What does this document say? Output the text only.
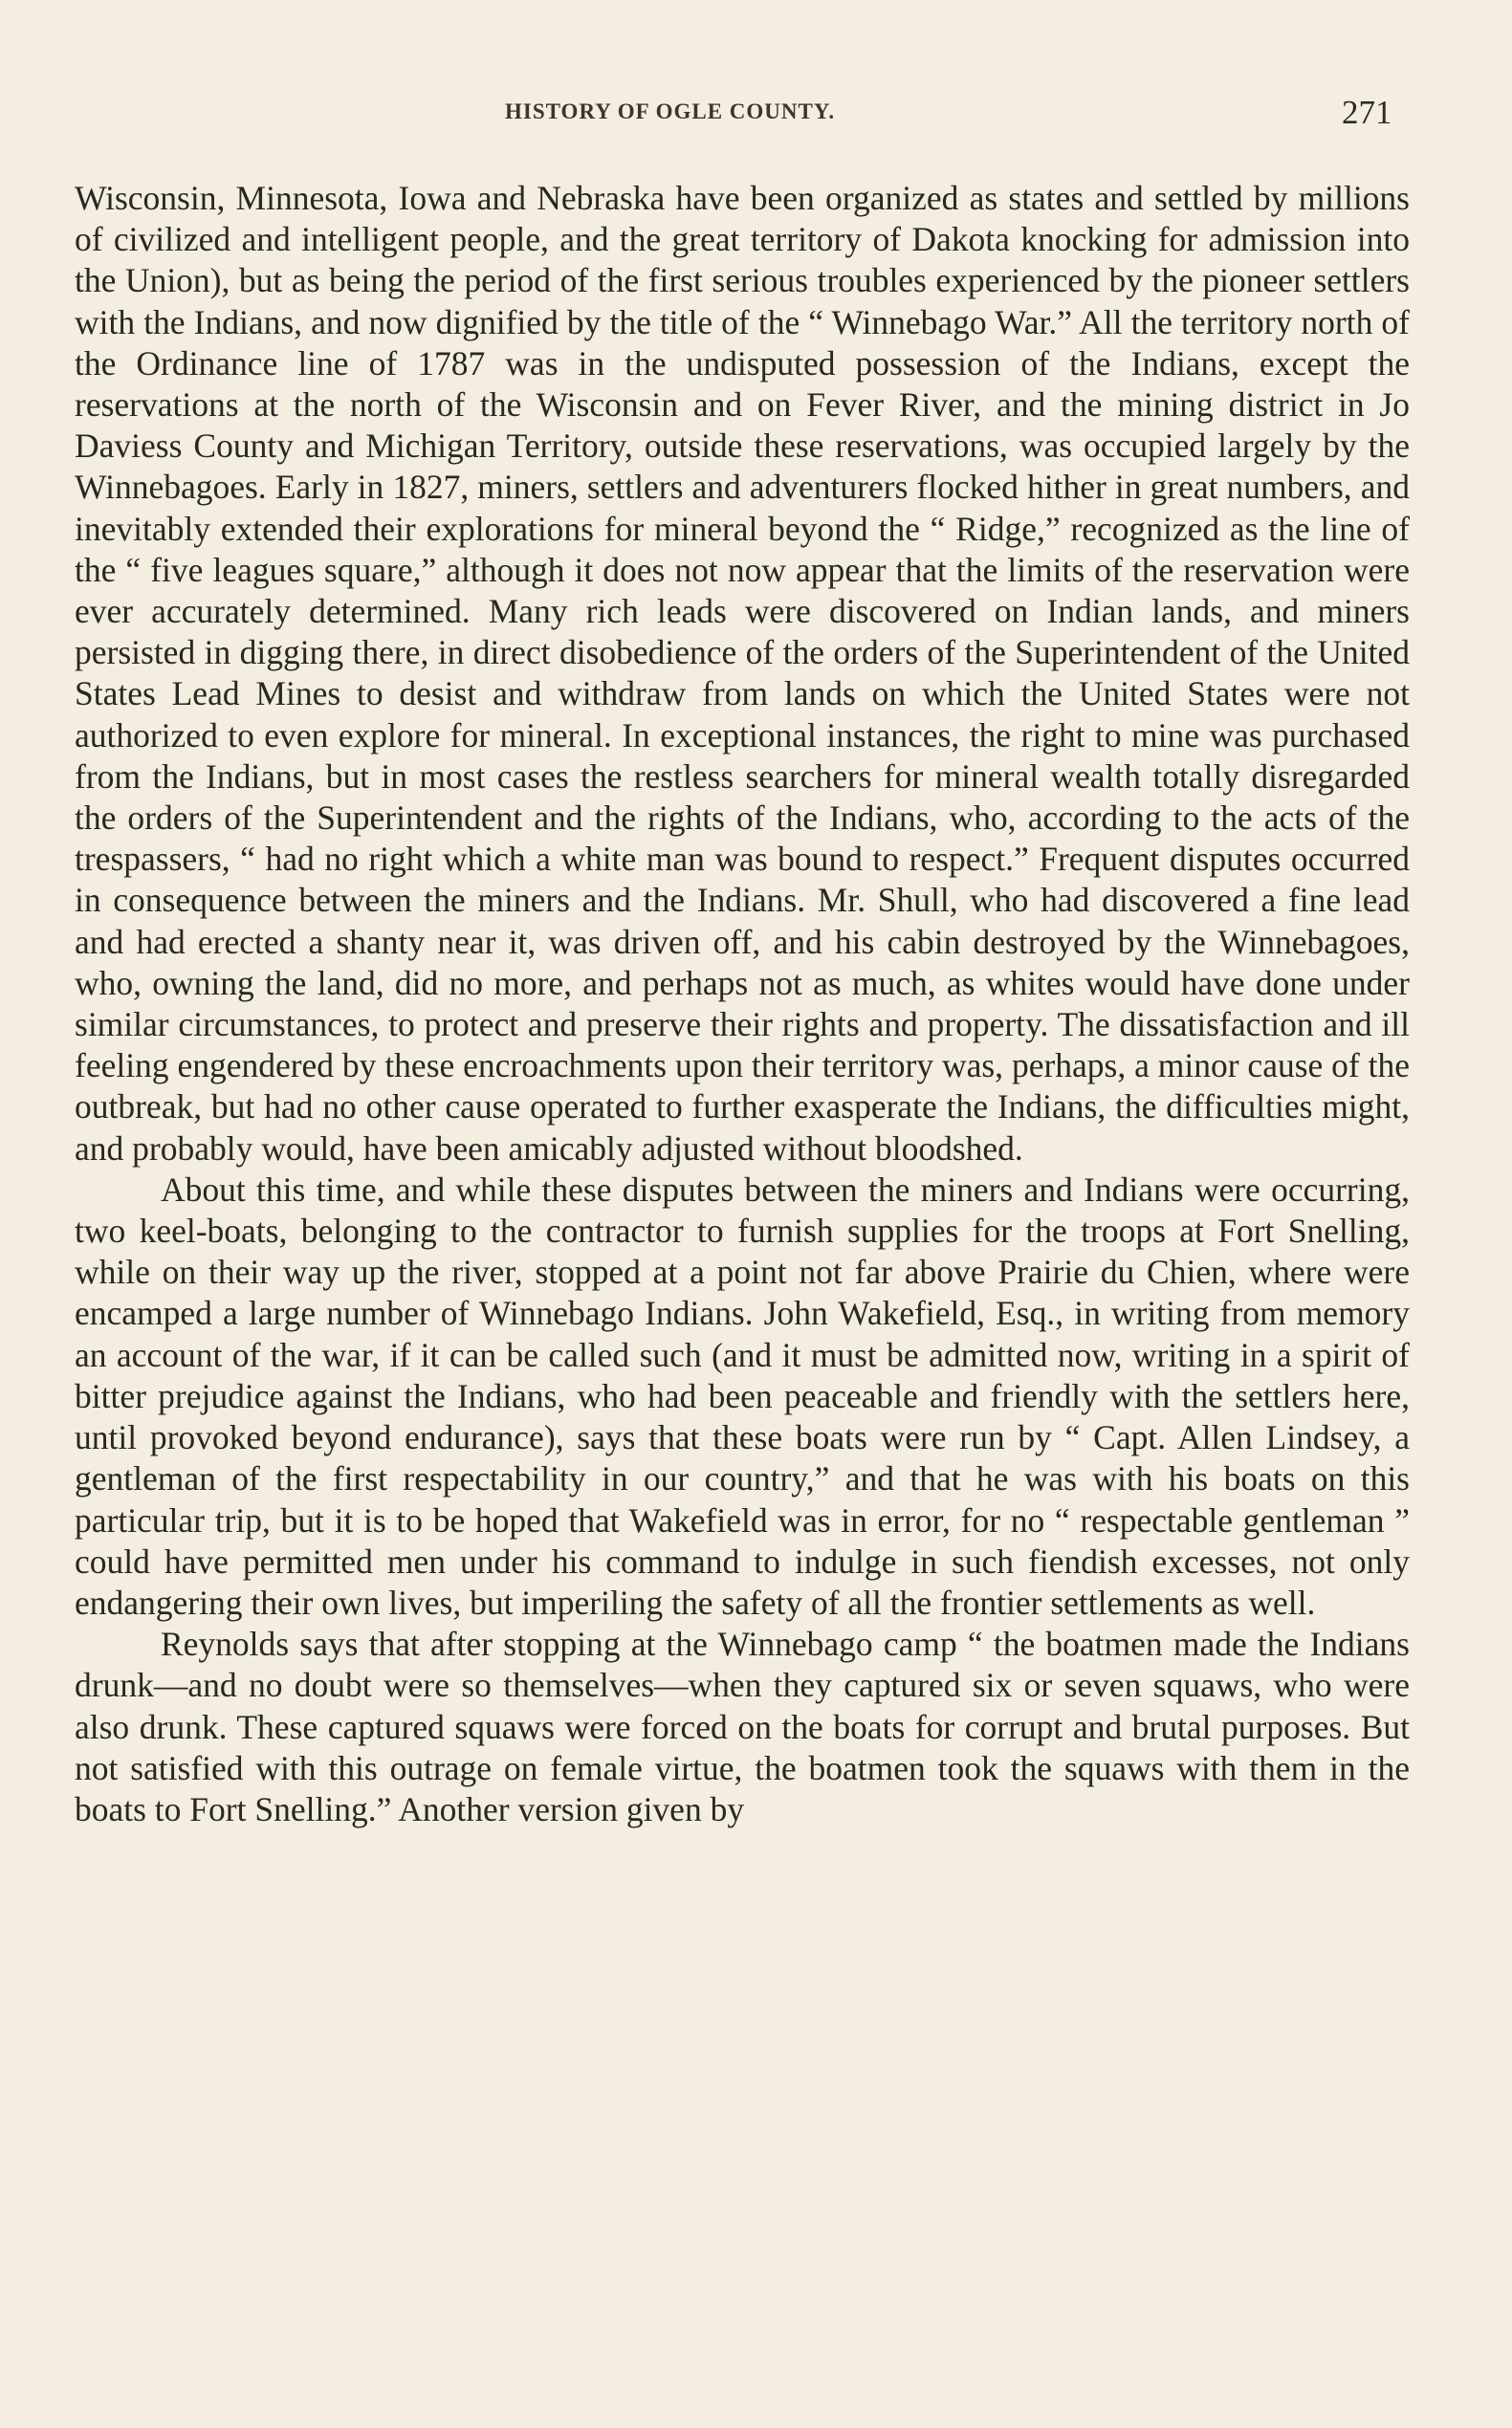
HISTORY OF OGLE COUNTY.	271

Wisconsin, Minnesota, Iowa and Nebraska have been organized as states and settled by millions of civilized and intelligent people, and the great territory of Dakota knocking for admission into the Union), but as being the period of the first serious troubles experienced by the pioneer settlers with the Indians, and now dignified by the title of the “ Winnebago War.” All the territory north of the Ordinance line of 1787 was in the undisputed possession of the Indians, except the reservations at the north of the Wisconsin and on Fever River, and the mining district in Jo Daviess County and Michigan Territory, outside these reservations, was occupied largely by the Winnebagoes. Early in 1827, miners, settlers and adventurers flocked hither in great numbers, and inevitably extended their explorations for mineral beyond the “ Ridge,” recognized as the line of the “ five leagues square,” although it does not now appear that the limits of the reservation were ever accurately determined. Many rich leads were discovered on Indian lands, and miners persisted in digging there, in direct disobedience of the orders of the Superintendent of the United States Lead Mines to desist and withdraw from lands on which the United States were not authorized to even explore for mineral. In exceptional instances, the right to mine was purchased from the Indians, but in most cases the restless searchers for mineral wealth totally disregarded the orders of the Superintendent and the rights of the Indians, who, according to the acts of the trespassers, “ had no right which a white man was bound to respect.” Frequent disputes occurred in consequence between the miners and the Indians. Mr. Shull, who had discovered a fine lead and had erected a shanty near it, was driven off, and his cabin destroyed by the Winnebagoes, who, owning the land, did no more, and perhaps not as much, as whites would have done under similar circumstances, to protect and preserve their rights and property. The dissatisfaction and ill feeling engendered by these encroachments upon their territory was, perhaps, a minor cause of the outbreak, but had no other cause operated to further exasperate the Indians, the difficulties might, and probably would, have been amicably adjusted without bloodshed.

About this time, and while these disputes between the miners and Indians were occurring, two keel-boats, belonging to the contractor to furnish supplies for the troops at Fort Snelling, while on their way up the river, stopped at a point not far above Prairie du Chien, where were encamped a large number of Winnebago Indians. John Wakefield, Esq., in writing from memory an account of the war, if it can be called such (and it must be admitted now, writing in a spirit of bitter prejudice against the Indians, who had been peaceable and friendly with the settlers here, until provoked beyond endurance), says that these boats were run by “ Capt. Allen Lindsey, a gentleman of the first respectability in our country,” and that he was with his boats on this particular trip, but it is to be hoped that Wakefield was in error, for no “ respectable gentleman ” could have permitted men under his command to indulge in such fiendish excesses, not only endangering their own lives, but imperiling the safety of all the frontier settlements as well.

Reynolds says that after stopping at the Winnebago camp “ the boatmen made the Indians drunk—and no doubt were so themselves—when they captured six or seven squaws, who were also drunk. These captured squaws were forced on the boats for corrupt and brutal purposes. But not satisfied with this outrage on female virtue, the boatmen took the squaws with them in the boats to Fort Snelling.” Another version given by
